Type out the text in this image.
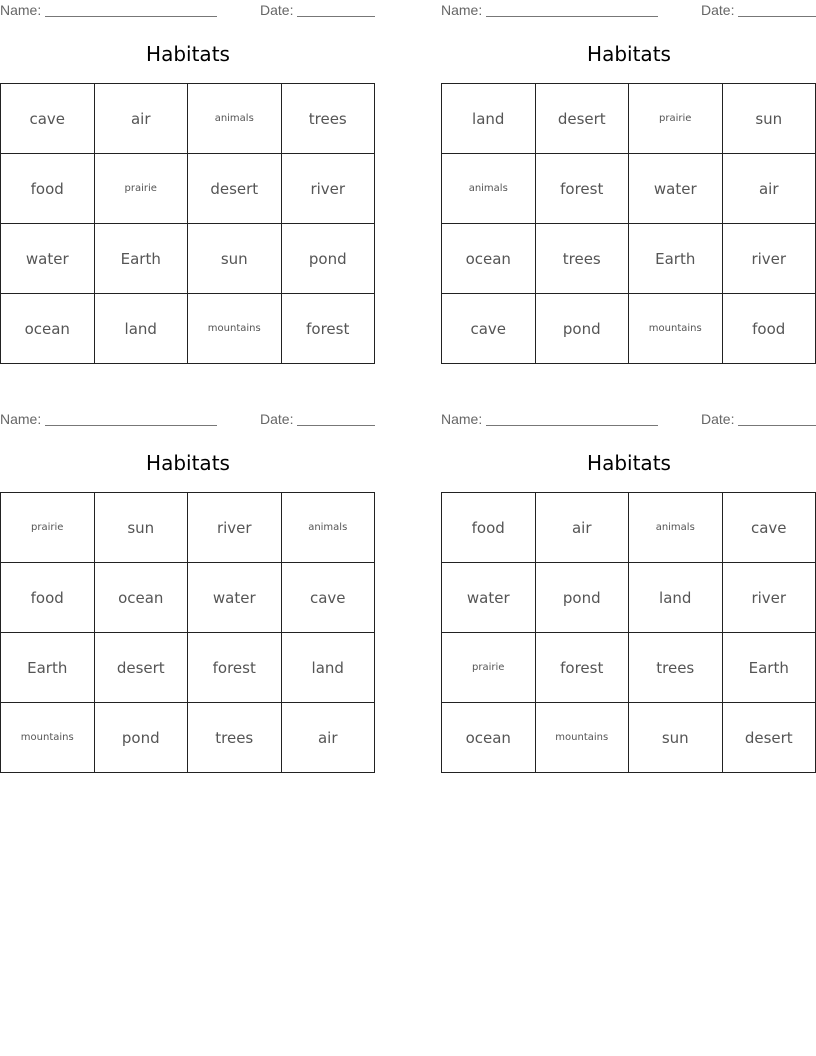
Name:	Date:
Habitats
cave	air	animals	trees
food	prairie	desert	river
water	Earth	sun	pond
ocean	land	mountains	forest
Name:	Date:
Habitats
land	desert	prairie	sun
animals	forest	water	air
ocean	trees	Earth	river
cave	pond	mountains	food
Name:	Date:
Habitats
prairie	sun	river	animals
food	ocean	water	cave
Earth	desert	forest	land
mountains	pond	trees	air
Name:	Date:
Habitats
food	air	animals	cave
water	pond	land	river
prairie	forest	trees	Earth
ocean	mountains	sun	desert
